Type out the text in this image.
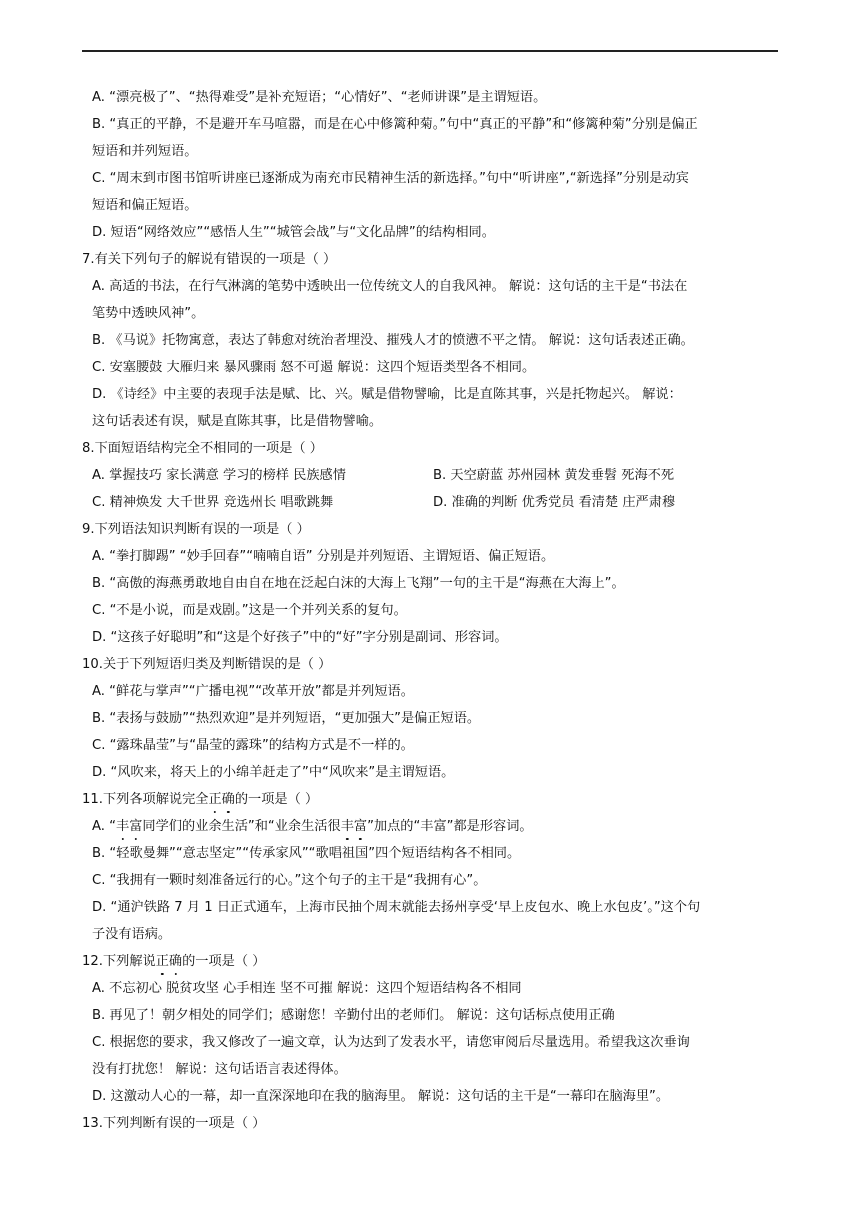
A. “漂亮极了”、“热得难受”是补充短语；“心情好”、“老师讲课”是主谓短语。
B. “真正的平静，不是避开车马喧嚣，而是在心中修篱种菊。”句中“真正的平静”和“修篱种菊”分别是偏正
短语和并列短语。
C. “周末到市图书馆听讲座已逐渐成为南充市民精神生活的新选择。”句中“听讲座”,“新选择”分别是动宾
短语和偏正短语。
D. 短语“网络效应”“感悟人生”“城管会战”与“文化品牌”的结构相同。
7.有关下列句子的解说有错误的一项是（ ）
A. 高适的书法，在行气淋漓的笔势中透映出一位传统文人的自我风神。 解说：这句话的主干是“书法在
笔势中透映风神”。
B. 《马说》托物寓意，表达了韩愈对统治者埋没、摧残人才的愤懑不平之情。 解说：这句话表述正确。
C. 安塞腰鼓 大雁归来 暴风骤雨 怒不可遏 解说：这四个短语类型各不相同。
D. 《诗经》中主要的表现手法是赋、比、兴。赋是借物譬喻，比是直陈其事，兴是托物起兴。 解说：
这句话表述有误，赋是直陈其事，比是借物譬喻。
8.下面短语结构完全不相同的一项是（ ）
A. 掌握技巧 家长满意 学习的榜样 民族感情	B. 天空蔚蓝 苏州园林 黄发垂髫 死海不死
C. 精神焕发 大千世界 竞选州长 唱歌跳舞	D. 准确的判断 优秀党员 看清楚 庄严肃穆
9.下列语法知识判断有误的一项是（ ）
A. “拳打脚踢” “妙手回春”“喃喃自语” 分别是并列短语、主谓短语、偏正短语。
B. “高傲的海燕勇敢地自由自在地在泛起白沫的大海上飞翔”一句的主干是“海燕在大海上”。
C. “不是小说，而是戏剧。”这是一个并列关系的复句。
D. “这孩子好聪明”和“这是个好孩子”中的“好”字分别是副词、形容词。
10.关于下列短语归类及判断错误的是（ ）
A. “鲜花与掌声”“广播电视”“改革开放”都是并列短语。
B. “表扬与鼓励”“热烈欢迎”是并列短语，“更加强大”是偏正短语。
C. “露珠晶莹”与“晶莹的露珠”的结构方式是不一样的。
D. “风吹来，将天上的小绵羊赶走了”中“风吹来”是主谓短语。
11.下列各项解说完全正确的一项是（ ）
A. “丰富同学们的业余生活”和“业余生活很丰富”加点的“丰富”都是形容词。
B. “轻歌曼舞”“意志坚定”“传承家风”“歌唱祖国”四个短语结构各不相同。
C. “我拥有一颗时刻准备远行的心。”这个句子的主干是“我拥有心”。
D. “通沪铁路 7 月 1 日正式通车，上海市民抽个周末就能去扬州享受‘早上皮包水、晚上水包皮’。”这个句
子没有语病。
12.下列解说正确的一项是（ ）
A. 不忘初心 脱贫攻坚 心手相连 坚不可摧 解说：这四个短语结构各不相同
B. 再见了！朝夕相处的同学们；感谢您！辛勤付出的老师们。 解说：这句话标点使用正确
C. 根据您的要求，我又修改了一遍文章，认为达到了发表水平，请您审阅后尽量选用。希望我这次垂询
没有打扰您！ 解说：这句话语言表述得体。
D. 这激动人心的一幕，却一直深深地印在我的脑海里。 解说：这句话的主干是“一幕印在脑海里”。
13.下列判断有误的一项是（ ）
